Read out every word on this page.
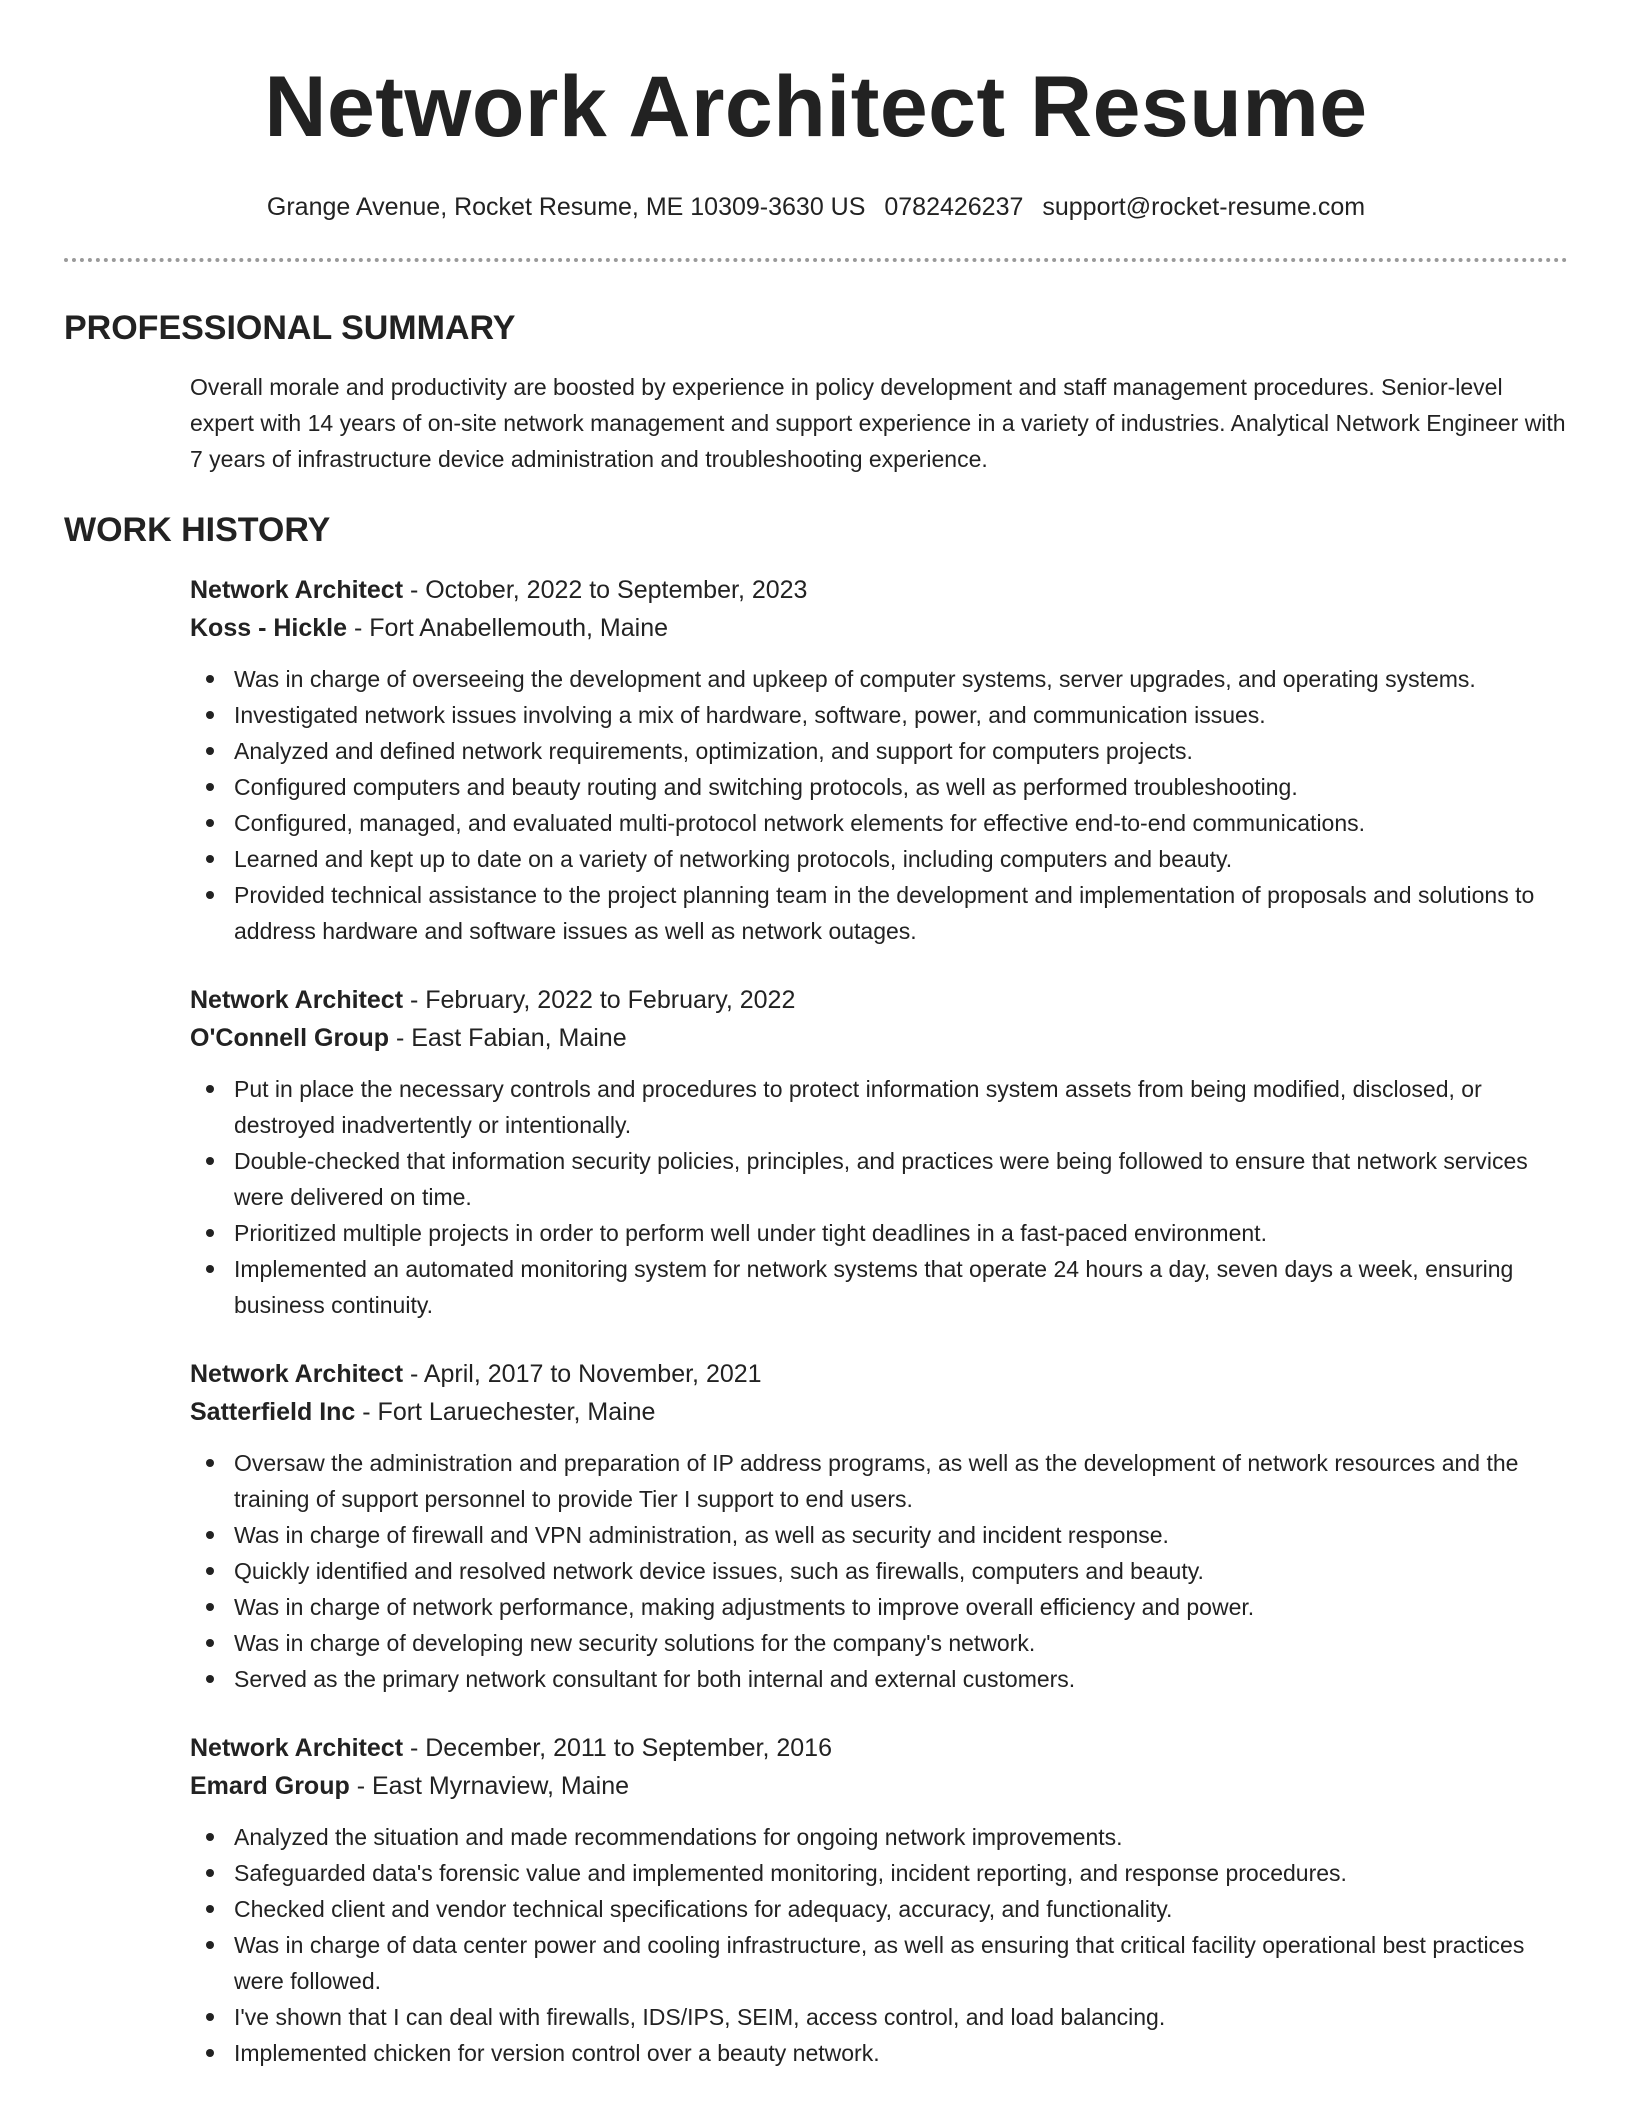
Network Architect Resume
Grange Avenue, Rocket Resume, ME 10309-3630 US 0782426237 support@rocket-resume.com
PROFESSIONAL SUMMARY

Overall morale and productivity are boosted by experience in policy development and staff management procedures. Senior-level expert with 14 years of on-site network management and support experience in a variety of industries. Analytical Network Engineer with 7 years of infrastructure device administration and troubleshooting experience.

WORK HISTORY
Network Architect - October, 2022 to September, 2023
Koss - Hickle - Fort Anabellemouth, Maine
Was in charge of overseeing the development and upkeep of computer systems, server upgrades, and operating systems.
Investigated network issues involving a mix of hardware, software, power, and communication issues.
Analyzed and defined network requirements, optimization, and support for computers projects.
Configured computers and beauty routing and switching protocols, as well as performed troubleshooting.
Configured, managed, and evaluated multi-protocol network elements for effective end-to-end communications.
Learned and kept up to date on a variety of networking protocols, including computers and beauty.
Provided technical assistance to the project planning team in the development and implementation of proposals and solutions to address hardware and software issues as well as network outages.
Network Architect - February, 2022 to February, 2022
O'Connell Group - East Fabian, Maine
Put in place the necessary controls and procedures to protect information system assets from being modified, disclosed, or destroyed inadvertently or intentionally.
Double-checked that information security policies, principles, and practices were being followed to ensure that network services were delivered on time.
Prioritized multiple projects in order to perform well under tight deadlines in a fast-paced environment.
Implemented an automated monitoring system for network systems that operate 24 hours a day, seven days a week, ensuring business continuity.
Network Architect - April, 2017 to November, 2021
Satterfield Inc - Fort Laruechester, Maine
Oversaw the administration and preparation of IP address programs, as well as the development of network resources and the training of support personnel to provide Tier I support to end users.
Was in charge of firewall and VPN administration, as well as security and incident response.
Quickly identified and resolved network device issues, such as firewalls, computers and beauty.
Was in charge of network performance, making adjustments to improve overall efficiency and power.
Was in charge of developing new security solutions for the company's network.
Served as the primary network consultant for both internal and external customers.
Network Architect - December, 2011 to September, 2016
Emard Group - East Myrnaview, Maine
Analyzed the situation and made recommendations for ongoing network improvements.
Safeguarded data's forensic value and implemented monitoring, incident reporting, and response procedures.
Checked client and vendor technical specifications for adequacy, accuracy, and functionality.
Was in charge of data center power and cooling infrastructure, as well as ensuring that critical facility operational best practices were followed.
I've shown that I can deal with firewalls, IDS/IPS, SEIM, access control, and load balancing.
Implemented chicken for version control over a beauty network.
